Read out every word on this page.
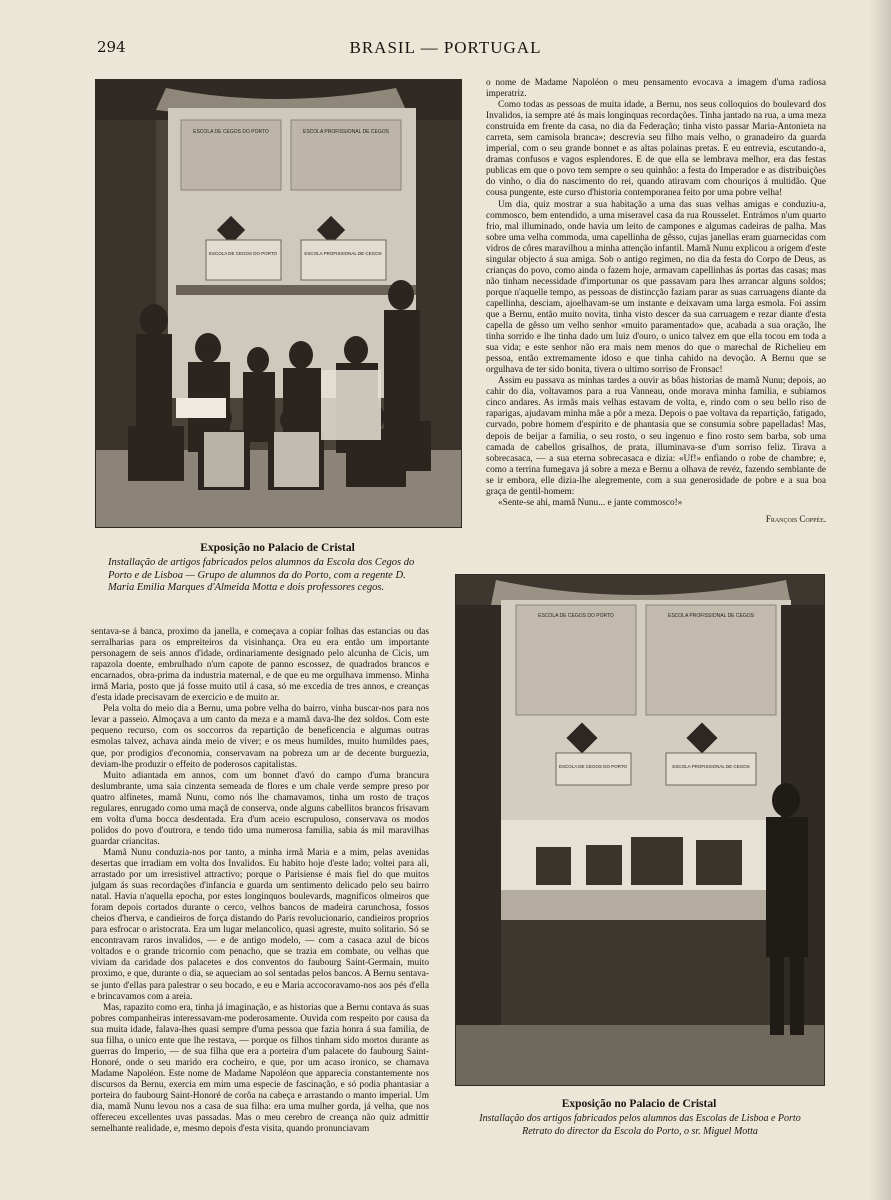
294	BRASIL — PORTUGAL
ESCOLA DE CEGOS DO PORTO	ESCOLA PROFISSIONAL DE CEGOS
ESCOLA DE CEGOS DO PORTO	ESCOLA PROFISSIONAL DE CEGOS
Exposição no Palacio de Cristal
Installação de artigos fabricados pelos alumnos da Escola dos Cegos do Porto e de Lisboa — Grupo de alumnos da do Porto, com a regente D. Maria Emilia Marques d'Almeida Motta e dois professores cegos.
ESCOLA DE CEGOS DO PORTO	ESCOLA PROFISSIONAL DE CEGOS
ESCOLA DE CEGOS DO PORTO	ESCOLA PROFISSIONAL DE CEGOS
Exposição no Palacio de Cristal
Installação dos artigos fabricados pelos alumnos das Escolas de Lisboa e Porto
Retrato do director da Escola do Porto, o sr. Miguel Motta

o nome de Madame Napoléon o meu pensamento evocava a imagem d'uma radiosa imperatriz.

Como todas as pessoas de muita idade, a Bernu, nos seus colloquios do boulevard dos Invalidos, ia sempre até ás mais longinquas recordações. Tinha jantado na rua, a uma meza construida em frente da casa, no dia da Federação; tinha visto passar Maria-Antonieta na carreta, sem camisola branca»; descrevia seu filho mais velho, o granadeiro da guarda imperial, com o seu grande bonnet e as altas polainas pretas. E eu entrevia, escutando-a, dramas confusos e vagos esplendores. E de que ella se lembrava melhor, era das festas publicas em que o povo tem sempre o seu quinhão: a festa do Imperador e as distribuições do vinho, o dia do nascimento do rei, quando atiravam com chouriços á multidão. Que cousa pungente, este curso d'historia contemporanea feito por uma pobre velha!

Um dia, quiz mostrar a sua habitação a uma das suas velhas amigas e conduziu-a, commosco, bem entendido, a uma miseravel casa da rua Rousselet. Entrámos n'um quarto frio, mal illuminado, onde havia um leito de campones e algumas cadeiras de palha. Mas sobre uma velha commoda, uma capellinha de gêsso, cujas janellas eram guarnecidas com vidros de côres maravilhou a minha attenção infantil. Mamã Nunu explicou a origem d'este singular objecto á sua amiga. Sob o antigo regimen, no dia da festa do Corpo de Deus, as crianças do povo, como ainda o fazem hoje, armavam capellinhas ás portas das casas; mas não tinham necessidade d'importunar os que passavam para lhes arrancar alguns soldos; porque n'aquelle tempo, as pessoas de distincção faziam parar as suas carruagens diante da capellinha, desciam, ajoelhavam-se um instante e deixavam uma larga esmola. Foi assim que a Bernu, então muito novita, tinha visto descer da sua carruagem e rezar diante d'esta capella de gêsso um velho senhor «muito paramentado» que, acabada a sua oração, lhe tinha sorrido e lhe tinha dado um luiz d'ouro, o unico talvez em que ella tocou em toda a sua vida; e este senhor não era mais nem menos do que o marechal de Richelieu em pessoa, então extremamente idoso e que tinha cahido na devoção. A Bernu que se orgulhava de ter sido bonita, tivera o ultimo sorriso de Fronsac!

Assim eu passava as minhas tardes a ouvir as bôas historias de mamã Nunu; depois, ao cahir do dia, voltavamos para a rua Vanneau, onde morava minha familia, e subiamos cinco andares. As irmãs mais velhas estavam de volta, e, rindo com o seu bello riso de raparigas, ajudavam minha mãe a pôr a meza. Depois o pae voltava da repartição, fatigado, curvado, pobre homem d'espirito e de phantasia que se consumia sobre papelladas! Mas, depois de beijar a familia, o seu rosto, o seu ingenuo e fino rosto sem barba, sob uma camada de cabellos grisalhos, de prata, illuminava-se d'um sorriso feliz. Tirava a sobrecasaca, — a sua eterna sobrecasaca e dizia: «Uf!» enfiando o robe de chambre; e, como a terrina fumegava já sobre a meza e Bernu a olhava de revéz, fazendo semblante de se ir embora, elle dizia-lhe alegremente, com a sua generosidade de pobre e a sua boa graça de gentil-homem:

«Sente-se ahi, mamã Nunu... e jante commosco!»

François Coppée.

sentava-se á banca, proximo da janella, e começava a copiar folhas das estancias ou das serralharias para os empreiteiros da visinhança. Ora eu era então um importante personagem de seis annos d'idade, ordinariamente designado pelo alcunha de Cicis, um rapazola doente, embrulhado n'um capote de panno escossez, de quadrados brancos e encarnados, obra-prima da industria maternal, e de que eu me orgulhava immenso. Minha irmã Maria, posto que já fosse muito util á casa, só me excedia de tres annos, e creanças d'esta idade precisavam de exercicio e de muito ar.

Pela volta do meio dia a Bernu, uma pobre velha do bairro, vinha buscar-nos para nos levar a passeio. Almoçava a um canto da meza e a mamã dava-lhe dez soldos. Com este pequeno recurso, com os soccorros da repartição de beneficencia e algumas outras esmolas talvez, achava ainda meio de viver; e os meus humildes, muito humildes paes, que, por prodigios d'economia, conservavam na pobreza um ar de decente burguezia, deviam-lhe produzir o effeito de poderosos capitalistas.

Muito adiantada em annos, com um bonnet d'avó do campo d'uma brancura deslumbrante, uma saia cinzenta semeada de flores e um chale verde sempre preso por quatro alfinetes, mamã Nunu, como nós lhe chamavamos, tinha um rosto de traços regulares, enrugado como uma maçã de conserva, onde alguns cabellitos brancos frisavam em volta d'uma bocca desdentada. Era d'um aceio escrupuloso, conservava os modos polidos do povo d'outrora, e tendo tido uma numerosa familia, sabia ás mil maravilhas guardar criancitas.

Mamã Nunu conduzia-nos por tanto, a minha irmã Maria e a mim, pelas avenidas desertas que irradiam em volta dos Invalidos. Eu habito hoje d'este lado; voltei para ali, arrastado por um irresistivel attractivo; porque o Parisiense é mais fiel do que muitos julgam ás suas recordações d'infancia e guarda um sentimento delicado pelo seu bairro natal. Havia n'aquella epocha, por estes longinquos boulevards, magnificos olmeiros que foram depois cortados durante o cerco, velhos bancos de madeira carunchosa, fossos cheios d'herva, e candieiros de força distando do Paris revolucionario, candieiros proprios para esfrocar o aristocrata. Era um lugar melancolico, quasi agreste, muito solitario. Só se encontravam raros invalidos, — e de antigo modelo, — com a casaca azul de bicos voltados e o grande tricornio com penacho, que se trazia em combate, ou velhas que viviam da caridade dos palacetes e dos conventos do faubourg Saint-Germain, muito proximo, e que, durante o dia, se aqueciam ao sol sentadas pelos bancos. A Bernu sentava-se junto d'ellas para palestrar o seu bocado, e eu e Maria accocoravamo-nos aos pés d'ella e brincavamos com a areia.

Mas, rapazito como era, tinha já imaginação, e as historias que a Bernu contava ás suas pobres companheiras interessavam-me poderosamente. Ouvida com respeito por causa da sua muita idade, falava-lhes quasi sempre d'uma pessoa que fazia honra á sua familia, de sua filha, o unico ente que lhe restava, — porque os filhos tinham sido mortos durante as guerras do Imperio, — de sua filha que era a porteira d'um palacete do faubourg Saint-Honoré, onde o seu marido era cocheiro, e que, por um acaso ironico, se chamava Madame Napoléon. Este nome de Madame Napoléon que apparecia constantemente nos discursos da Bernu, exercia em mim uma especie de fascinação, e só podia phantasiar a porteira do faubourg Saint-Honoré de corôa na cabeça e arrastando o manto imperial. Um dia, mamã Nunu levou nos a casa de sua filha: era uma mulher gorda, já velha, que nos offereceu excellentes uvas passadas. Mas o meu cerebro de creança não quiz admittir semelhante realidade, e, mesmo depois d'esta visita, quando pronunciavam
